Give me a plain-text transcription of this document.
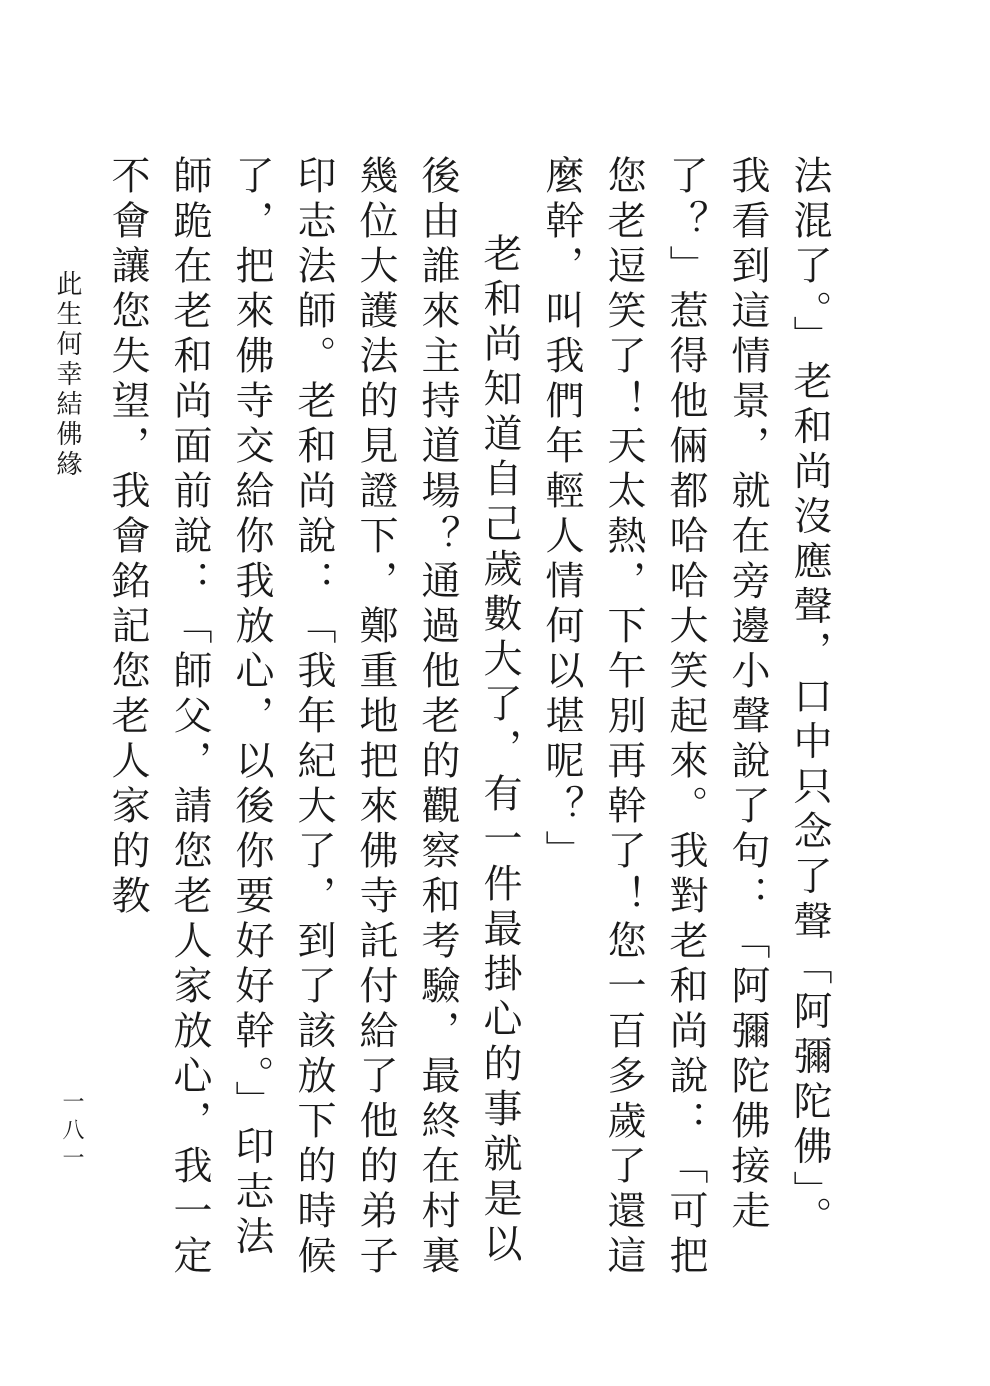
法混了。」老和尚沒應聲，口中只念了聲「阿彌陀佛」。我看到這情景，就在旁邊小聲說了句：「阿彌陀佛接走了？」惹得他倆都哈哈大笑起來。我對老和尚說：「可把您老逗笑了！天太熱，下午別再幹了！您一百多歲了還這麼幹，叫我們年輕人情何以堪呢？」

老和尚知道自己歲數大了，有一件最掛心的事就是以後由誰來主持道場？通過他老的觀察和考驗，最終在村裏幾位大護法的見證下，鄭重地把來佛寺託付給了他的弟子印志法師。老和尚說：「我年紀大了，到了該放下的時候了，把來佛寺交給你我放心，以後你要好好幹。」印志法師跪在老和尚面前說：「師父，請您老人家放心，我一定不會讓您失望，我會銘記您老人家的教

此生何幸結佛緣
一八一
